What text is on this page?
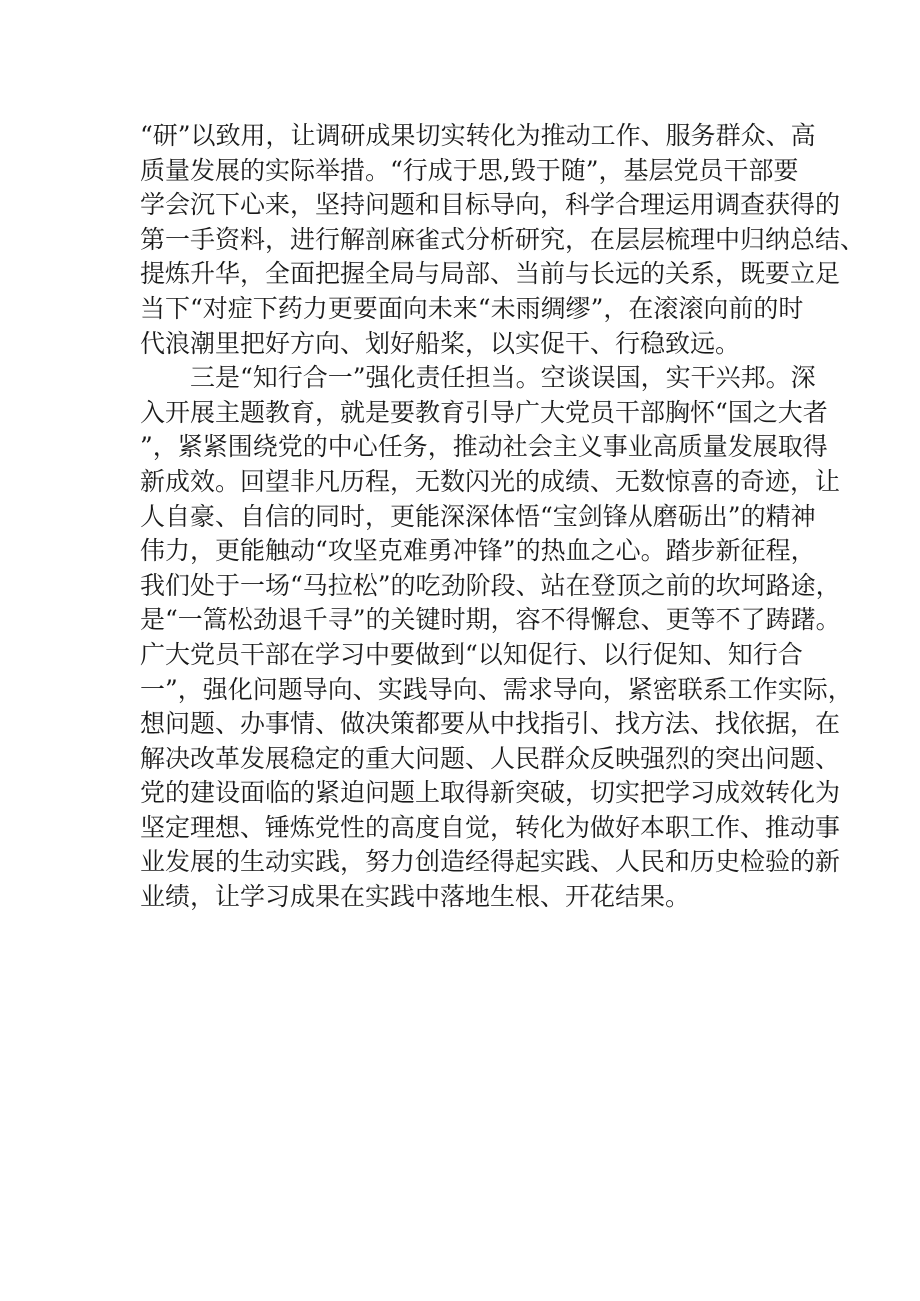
“研”以致用，让调研成果切实转化为推动工作、服务群众、高
质量发展的实际举措。“行成于思,毁于随”，基层党员干部要
学会沉下心来，坚持问题和目标导向，科学合理运用调查获得的
第一手资料，进行解剖麻雀式分析研究，在层层梳理中归纳总结、
提炼升华，全面把握全局与局部、当前与长远的关系，既要立足
当下“对症下药力更要面向未来“未雨绸缪”，在滚滚向前的时
代浪潮里把好方向、划好船桨，以实促干、行稳致远。
三是“知行合一”强化责任担当。空谈误国，实干兴邦。深
入开展主题教育，就是要教育引导广大党员干部胸怀“国之大者
”，紧紧围绕党的中心任务，推动社会主义事业高质量发展取得
新成效。回望非凡历程，无数闪光的成绩、无数惊喜的奇迹，让
人自豪、自信的同时，更能深深体悟“宝剑锋从磨砺出”的精神
伟力，更能触动“攻坚克难勇冲锋”的热血之心。踏步新征程，
我们处于一场“马拉松”的吃劲阶段、站在登顶之前的坎坷路途，
是“一篙松劲退千寻”的关键时期，容不得懈怠、更等不了踌躇。
广大党员干部在学习中要做到“以知促行、以行促知、知行合
一”，强化问题导向、实践导向、需求导向，紧密联系工作实际，
想问题、办事情、做决策都要从中找指引、找方法、找依据，在
解决改革发展稳定的重大问题、人民群众反映强烈的突出问题、
党的建设面临的紧迫问题上取得新突破，切实把学习成效转化为
坚定理想、锤炼党性的高度自觉，转化为做好本职工作、推动事
业发展的生动实践，努力创造经得起实践、人民和历史检验的新
业绩，让学习成果在实践中落地生根、开花结果。
